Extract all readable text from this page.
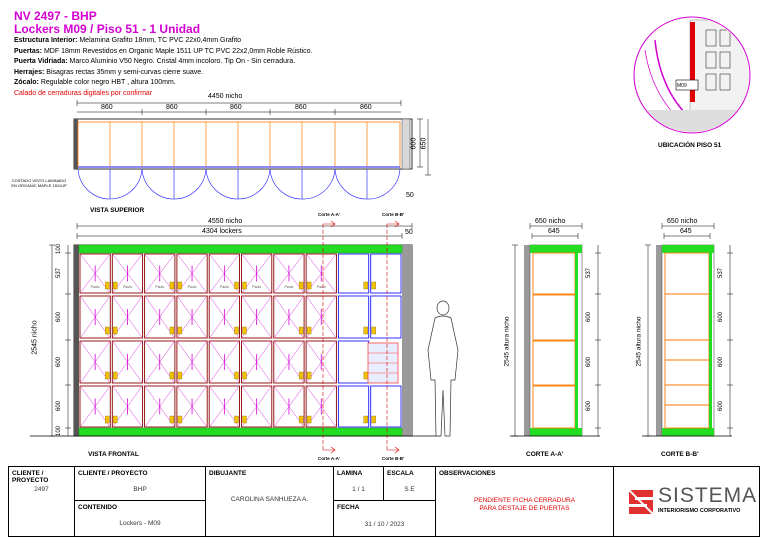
NV 2497 - BHP
Lockers M09 / Piso 51 - 1 Unidad
Estructura Interior: Melamina Grafito 18mm, TC PVC 22x0,4mm Grafito
Puertas: MDF 18mm Revestidos en Organic Maple 1511 UP TC PVC 22x2,0mm Roble Rústico.
Puerta Vidriada: Marco Aluminio V50 Negro. Cristal 4mm incoloro. Tip On - Sin cerradura.
Herrajes: Bisagras rectas 35mm y semi-curvas cierre suave.
Zócalo: Regulable color negro HBT , altura 100mm.
Calado de cerraduras digitales por confirmar
Paulo	Paulo	Paulo	Paulo	Paulo	Paulo	Paulo	Paulo
4450 nicho
860	860	860	860	860
600 650
50
COSTADO VISTO LAMINADO EN ORGANIC MAPLE 1511UP
VISTA SUPERIOR
4550 nicho
4304 lockers	50
Corte A-A'	Corte B-B'
Corte A-A'	Corte B-B'
2545 nicho
100
537
600
600
600
100
VISTA FRONTAL
650 nicho
645
2545 altura nicho
537
600
600
600
CORTE A-A'
650 nicho
645
2545 altura nicho
537
600
600
600
CORTE B-B'
M09
UBICACIÓN PISO 51
CLIENTE / PROYECTO
2497
CLIENTE / PROYECTO
BHP
CONTENIDO
Lockers - M09
DIBUJANTE
CAROLINA SANHUEZA A.
LAMINA
1 / 1
ESCALA
S.E
FECHA
31 / 10 / 2023
OBSERVACIONES
PENDIENTE FICHA CERRADURA PARA DESTAJE DE PUERTAS
SISTEMA
INTERIORISMO CORPORATIVO
